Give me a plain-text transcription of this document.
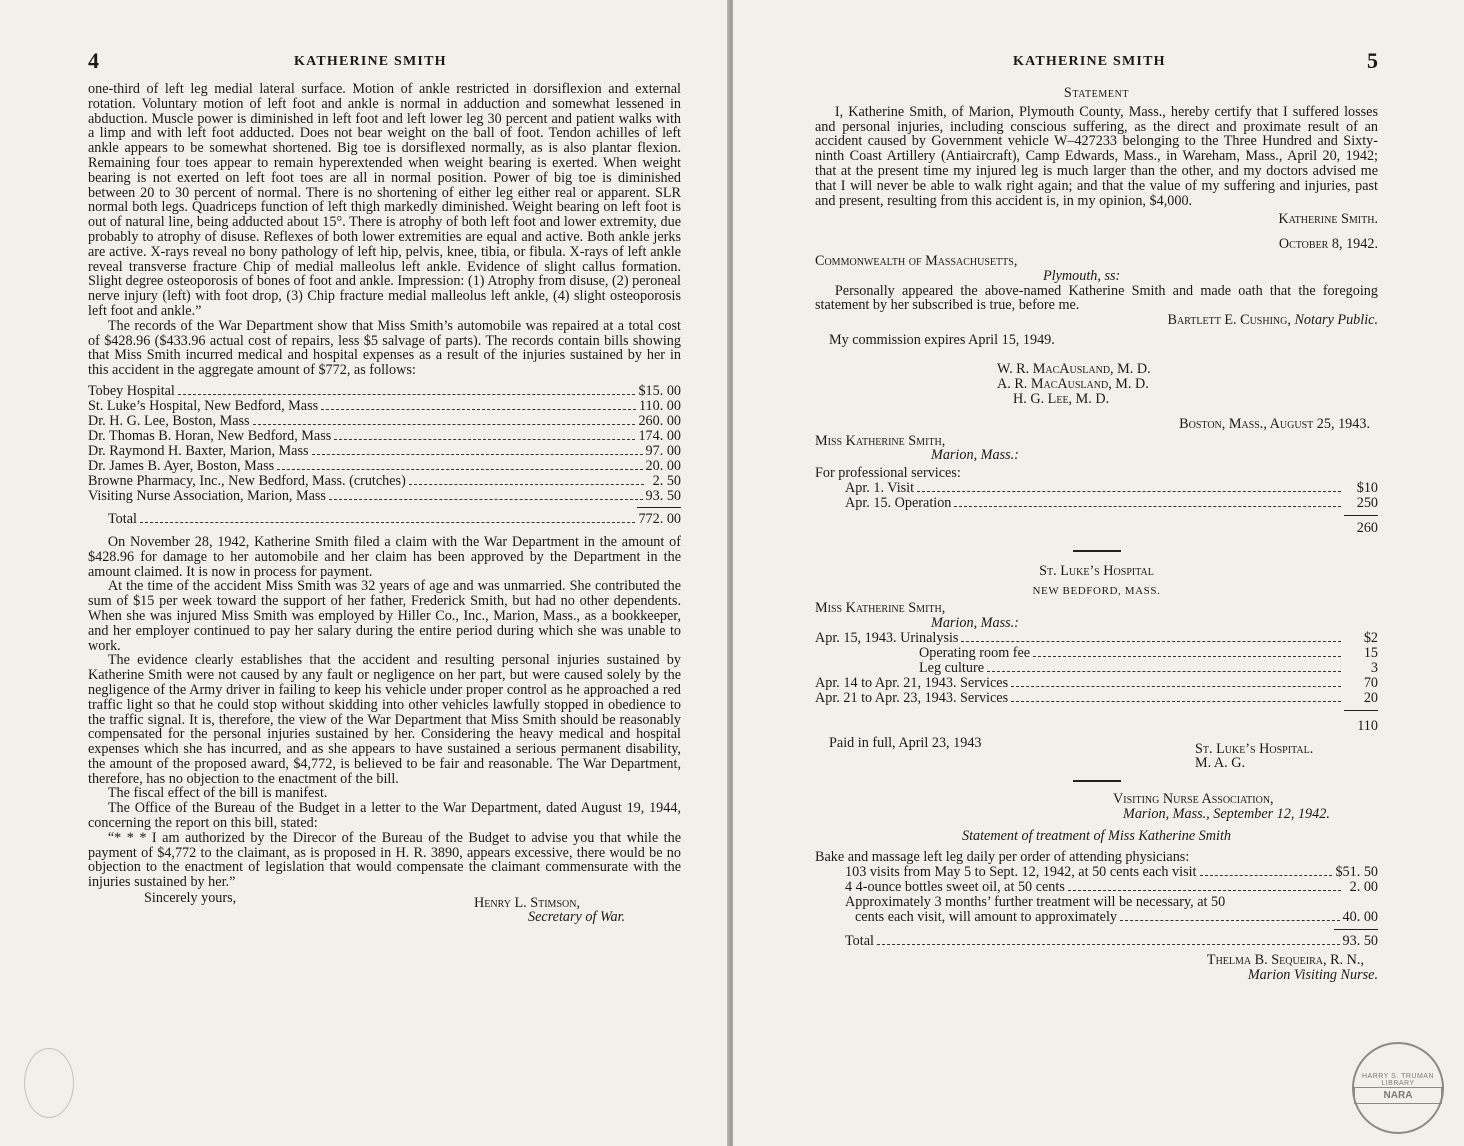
4	KATHERINE SMITH

one-third of left leg medial lateral surface. Motion of ankle restricted in dorsiflexion and external rotation. Voluntary motion of left foot and ankle is normal in adduction and somewhat lessened in abduction. Muscle power is diminished in left foot and left lower leg 30 percent and patient walks with a limp and with left foot adducted. Does not bear weight on the ball of foot. Tendon achilles of left ankle appears to be somewhat shortened. Big toe is dorsiflexed normally, as is also plantar flexion. Remaining four toes appear to remain hyperextended when weight bearing is exerted. When weight bearing is not exerted on left foot toes are all in normal position. Power of big toe is diminished between 20 to 30 percent of normal. There is no shortening of either leg either real or apparent. SLR normal both legs. Quadriceps function of left thigh markedly diminished. Weight bearing on left foot is out of natural line, being adducted about 15°. There is atrophy of both left foot and lower extremity, due probably to atrophy of disuse. Reflexes of both lower extremities are equal and active. Both ankle jerks are active. X-rays reveal no bony pathology of left hip, pelvis, knee, tibia, or fibula. X-rays of left ankle reveal transverse fracture Chip of medial malleolus left ankle. Evidence of slight callus formation. Slight degree osteoporosis of bones of foot and ankle. Impression: (1) Atrophy from disuse, (2) peroneal nerve injury (left) with foot drop, (3) Chip fracture medial malleolus left ankle, (4) slight osteoporosis left foot and ankle.”

The records of the War Department show that Miss Smith’s automobile was repaired at a total cost of $428.96 ($433.96 actual cost of repairs, less $5 salvage of parts). The records contain bills showing that Miss Smith incurred medical and hospital expenses as a result of the injuries sustained by her in this accident in the aggregate amount of $772, as follows:

Tobey Hospital	$15. 00
St. Luke’s Hospital, New Bedford, Mass	110. 00
Dr. H. G. Lee, Boston, Mass	260. 00
Dr. Thomas B. Horan, New Bedford, Mass	174. 00
Dr. Raymond H. Baxter, Marion, Mass	97. 00
Dr. James B. Ayer, Boston, Mass	20. 00
Browne Pharmacy, Inc., New Bedford, Mass. (crutches)	2. 50
Visiting Nurse Association, Marion, Mass	93. 50
Total	772. 00

On November 28, 1942, Katherine Smith filed a claim with the War Department in the amount of $428.96 for damage to her automobile and her claim has been approved by the Department in the amount claimed. It is now in process for payment.

At the time of the accident Miss Smith was 32 years of age and was unmarried. She contributed the sum of $15 per week toward the support of her father, Frederick Smith, but had no other dependents. When she was injured Miss Smith was employed by Hiller Co., Inc., Marion, Mass., as a bookkeeper, and her employer continued to pay her salary during the entire period during which she was unable to work.

The evidence clearly establishes that the accident and resulting personal injuries sustained by Katherine Smith were not caused by any fault or negligence on her part, but were caused solely by the negligence of the Army driver in failing to keep his vehicle under proper control as he approached a red traffic light so that he could stop without skidding into other vehicles lawfully stopped in obedience to the traffic signal. It is, therefore, the view of the War Department that Miss Smith should be reasonably compensated for the personal injuries sustained by her. Considering the heavy medical and hospital expenses which she has incurred, and as she appears to have sustained a serious permanent disability, the amount of the proposed award, $4,772, is believed to be fair and reasonable. The War Department, therefore, has no objection to the enactment of the bill.

The fiscal effect of the bill is manifest.

The Office of the Bureau of the Budget in a letter to the War Department, dated August 19, 1944, concerning the report on this bill, stated:

“* * * I am authorized by the Direcor of the Bureau of the Budget to advise you that while the payment of $4,772 to the claimant, as is proposed in H. R. 3890, appears excessive, there would be no objection to the enactment of legislation that would compensate the claimant commensurate with the injuries sustained by her.”

Sincerely yours,	Henry L. Stimson,
Secretary of War.
KATHERINE SMITH	5
Statement

I, Katherine Smith, of Marion, Plymouth County, Mass., hereby certify that I suffered losses and personal injuries, including conscious suffering, as the direct and proximate result of an accident caused by Government vehicle W–427233 belonging to the Three Hundred and Sixty-ninth Coast Artillery (Antiaircraft), Camp Edwards, Mass., in Wareham, Mass., April 20, 1942; that at the present time my injured leg is much larger than the other, and my doctors advised me that I will never be able to walk right again; and that the value of my suffering and injuries, past and present, resulting from this accident is, in my opinion, $4,000.

Katherine Smith.
October 8, 1942.
Commonwealth of Massachusetts,
Plymouth, ss:

Personally appeared the above-named Katherine Smith and made oath that the foregoing statement by her subscribed is true, before me.

Bartlett E. Cushing, Notary Public.
My commission expires April 15, 1949.
W. R. MacAusland, M. D.
A. R. MacAusland, M. D.
H. G. Lee, M. D.
Boston, Mass., A‍ugust 25, 1943.
Miss Katherine Smith,
Marion, Mass.:
For professional services:
Apr. 1. Visit	$10
Apr. 15. Operation	250
260
St. Luke’s Hospital
NEW BEDFORD, MASS.
Miss Katherine Smith,
Marion, Mass.:
Apr. 15, 1943. Urinalysis	$2
Operating room fee	15
Leg culture	3
Apr. 14 to Apr. 21, 1943. Services	70
Apr. 21 to Apr. 23, 1943. Services	20
110
Paid in full, April 23, 1943	St. Luke’s Hospital.
M. A. G.
Visiting Nurse Association,
Marion, Mass., September 12, 1942.
Statement of treatment of Miss Katherine Smith
Bake and massage left leg daily per order of attending physicians:
103 visits from May 5 to Sept. 12, 1942, at 50 cents each visit	$51. 50
4 4-ounce bottles sweet oil, at 50 cents	2. 00
Approximately 3 months’ further treatment will be necessary, at 50
cents each visit, will amount to approximately	40. 00
Total	93. 50
Thelma B. Sequeira, R. N.,
Marion Visiting Nurse.
HARRY S. TRUMAN LIBRARY
NARA
